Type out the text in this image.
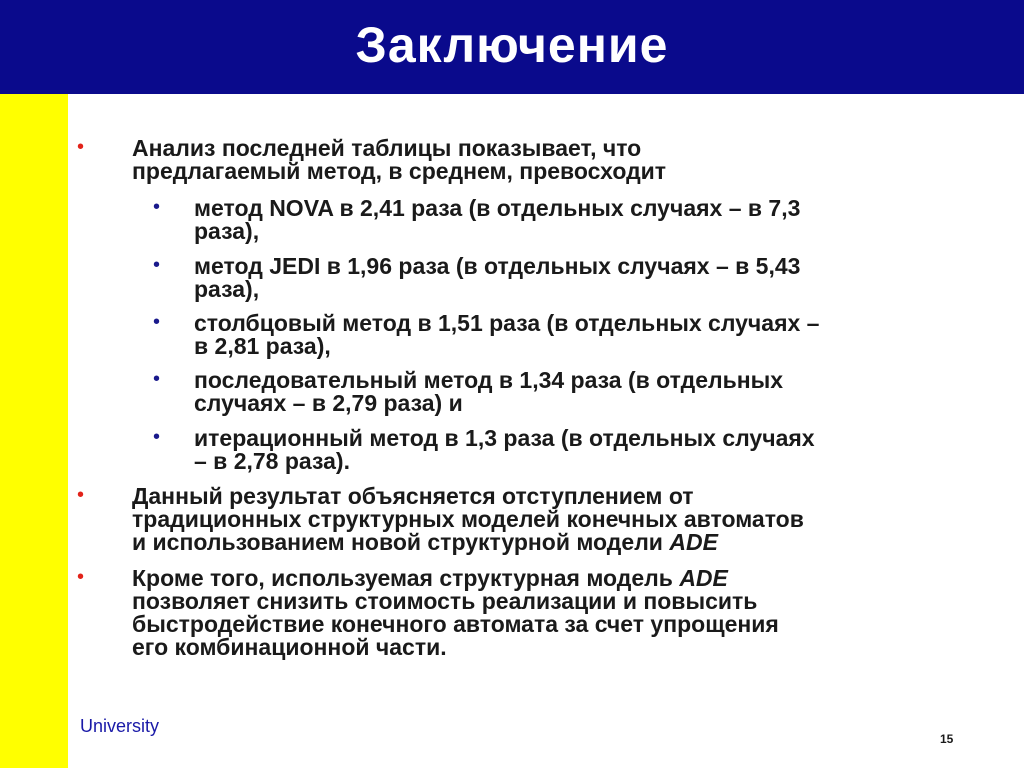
Заключение
• Анализ последней таблицы показывает, что
предлагаемый метод, в среднем, превосходит
• метод NOVA в 2,41 раза (в отдельных случаях – в 7,3
раза),
• метод JEDI в 1,96 раза (в отдельных случаях – в 5,43
раза),
• столбцовый метод в 1,51 раза (в отдельных случаях –
в 2,81 раза),
• последовательный метод в 1,34 раза (в отдельных
случаях – в 2,79 раза) и
• итерационный метод в 1,3 раза (в отдельных случаях
– в 2,78 раза).
• Данный результат объясняется отступлением от
традиционных структурных моделей конечных автоматов
и использованием новой структурной модели ADE
• Кроме того, используемая структурная модель ADE
позволяет снизить стоимость реализации и повысить
быстродействие конечного автомата за счет упрощения
его комбинационной части.
University
15
